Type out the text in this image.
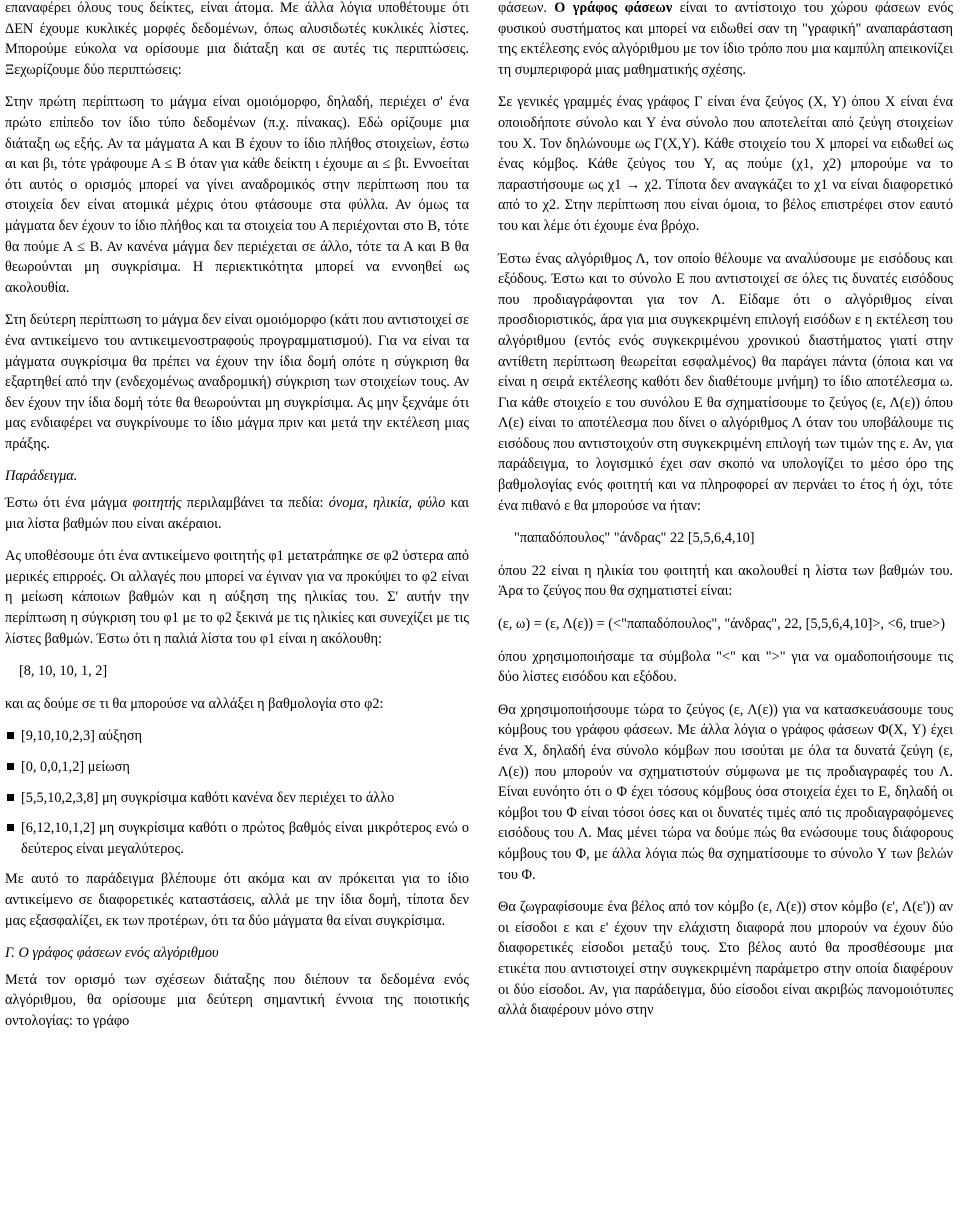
επαναφέρει όλους τους δείκτες, είναι άτομα. Με άλλα λόγια υποθέτουμε ότι ΔΕΝ έχουμε κυκλικές μορφές δεδομένων, όπως αλυσιδωτές κυκλικές λίστες. Μπορούμε εύκολα να ορίσουμε μια διάταξη και σε αυτές τις περιπτώσεις. Ξεχωρίζουμε δύο περιπτώσεις:

Στην πρώτη περίπτωση το μάγμα είναι ομοιόμορφο, δηλαδή, περιέχει σ' ένα πρώτο επίπεδο τον ίδιο τύπο δεδομένων (π.χ. πίνακας). Εδώ ορίζουμε μια διάταξη ως εξής. Αν τα μάγματα Α και Β έχουν το ίδιο πλήθος στοιχείων, έστω αι και βι, τότε γράφουμε Α ≤ Β όταν για κάθε δείκτη ι έχουμε αι ≤ βι. Εννοείται ότι αυτός ο ορισμός μπορεί να γίνει αναδρομικός στην περίπτωση που τα στοιχεία δεν είναι ατομικά μέχρις ότου φτάσουμε στα φύλλα. Αν όμως τα μάγματα δεν έχουν το ίδιο πλήθος και τα στοιχεία του Α περιέχονται στο Β, τότε θα πούμε Α ≤ Β. Αν κανένα μάγμα δεν περιέχεται σε άλλο, τότε τα Α και Β θα θεωρούνται μη συγκρίσιμα. Η περιεκτικότητα μπορεί να εννοηθεί ως ακολουθία.

Στη δεύτερη περίπτωση το μάγμα δεν είναι ομοιόμορφο (κάτι που αντιστοιχεί σε ένα αντικείμενο του αντικειμενοστραφούς προγραμματισμού). Για να είναι τα μάγματα συγκρίσιμα θα πρέπει να έχουν την ίδια δομή οπότε η σύγκριση θα εξαρτηθεί από την (ενδεχομένως αναδρομική) σύγκριση των στοιχείων τους. Αν δεν έχουν την ίδια δομή τότε θα θεωρούνται μη συγκρίσιμα. Ας μην ξεχνάμε ότι μας ενδιαφέρει να συγκρίνουμε το ίδιο μάγμα πριν και μετά την εκτέλεση μιας πράξης.

Παράδειγμα.

Έστω ότι ένα μάγμα φοιτητής περιλαμβάνει τα πεδία: όνομα, ηλικία, φύλο και μια λίστα βαθμών που είναι ακέραιοι.

Ας υποθέσουμε ότι ένα αντικείμενο φοιτητής φ1 μετατράπηκε σε φ2 ύστερα από μερικές επιρροές. Οι αλλαγές που μπορεί να έγιναν για να προκύψει το φ2 είναι η μείωση κάποιων βαθμών και η αύξηση της ηλικίας του. Σ' αυτήν την περίπτωση η σύγκριση του φ1 με το φ2 ξεκινά με τις ηλικίες και συνεχίζει με τις λίστες βαθμών. Έστω ότι η παλιά λίστα του φ1 είναι η ακόλουθη:

[8, 10, 10, 1, 2]

και ας δούμε σε τι θα μπορούσε να αλλάξει η βαθμολογία στο φ2:

[9,10,10,2,3] αύξηση
[0, 0,0,1,2] μείωση
[5,5,10,2,3,8] μη συγκρίσιμα καθότι κανένα δεν περιέχει το άλλο
[6,12,10,1,2] μη συγκρίσιμα καθότι ο πρώτος βαθμός είναι μικρότερος ενώ ο δεύτερος είναι μεγαλύτερος.

Με αυτό το παράδειγμα βλέπουμε ότι ακόμα και αν πρόκειται για το ίδιο αντικείμενο σε διαφορετικές καταστάσεις, αλλά με την ίδια δομή, τίποτα δεν μας εξασφαλίζει, εκ των προτέρων, ότι τα δύο μάγματα θα είναι συγκρίσιμα.

Γ. Ο γράφος φάσεων ενός αλγόριθμου

Μετά τον ορισμό των σχέσεων διάταξης που διέπουν τα δεδομένα ενός αλγόριθμου, θα ορίσουμε μια δεύτερη σημαντική έννοια της ποιοτικής οντολογίας: το γράφο

φάσεων. Ο γράφος φάσεων είναι το αντίστοιχο του χώρου φάσεων ενός φυσικού συστήματος και μπορεί να ειδωθεί σαν τη "γραφική" αναπαράσταση της εκτέλεσης ενός αλγόριθμου με τον ίδιο τρόπο που μια καμπύλη απεικονίζει τη συμπεριφορά μιας μαθηματικής σχέσης.

Σε γενικές γραμμές ένας γράφος Γ είναι ένα ζεύγος (Χ, Υ) όπου Χ είναι ένα οποιοδήποτε σύνολο και Υ ένα σύνολο που αποτελείται από ζεύγη στοιχείων του Χ. Τον δηλώνουμε ως Γ(Χ,Υ). Κάθε στοιχείο του Χ μπορεί να ειδωθεί ως ένας κόμβος. Κάθε ζεύγος του Υ, ας πούμε (χ1, χ2) μπορούμε να το παραστήσουμε ως χ1 → χ2. Τίποτα δεν αναγκάζει το χ1 να είναι διαφορετικό από το χ2. Στην περίπτωση που είναι όμοια, το βέλος επιστρέφει στον εαυτό του και λέμε ότι έχουμε ένα βρόχο.

Έστω ένας αλγόριθμος Λ, τον οποίο θέλουμε να αναλύσουμε με εισόδους και εξόδους. Έστω και το σύνολο Ε που αντιστοιχεί σε όλες τις δυνατές εισόδους που προδιαγράφονται για τον Λ. Είδαμε ότι ο αλγόριθμος είναι προσδιοριστικός, άρα για μια συγκεκριμένη επιλογή εισόδων ε η εκτέλεση του αλγόριθμου (εντός ενός συγκεκριμένου χρονικού διαστήματος γιατί στην αντίθετη περίπτωση θεωρείται εσφαλμένος) θα παράγει πάντα (όποια και να είναι η σειρά εκτέλεσης καθότι δεν διαθέτουμε μνήμη) το ίδιο αποτέλεσμα ω. Για κάθε στοιχείο ε του συνόλου Ε θα σχηματίσουμε το ζεύγος (ε, Λ(ε)) όπου Λ(ε) είναι το αποτέλεσμα που δίνει ο αλγόριθμος Λ όταν του υποβάλουμε τις εισόδους που αντιστοιχούν στη συγκεκριμένη επιλογή των τιμών της ε. Αν, για παράδειγμα, το λογισμικό έχει σαν σκοπό να υπολογίζει το μέσο όρο της βαθμολογίας ενός φοιτητή και να πληροφορεί αν περνάει το έτος ή όχι, τότε ένα πιθανό ε θα μπορούσε να ήταν:

"παπαδόπουλος" "άνδρας" 22 [5,5,6,4,10]

όπου 22 είναι η ηλικία του φοιτητή και ακολουθεί η λίστα των βαθμών του. Άρα το ζεύγος που θα σχηματιστεί είναι:

(ε, ω) = (ε, Λ(ε)) = (<"παπαδόπουλος", "άνδρας", 22, [5,5,6,4,10]>, <6, true>)

όπου χρησιμοποιήσαμε τα σύμβολα "<" και ">" για να ομαδοποιήσουμε τις δύο λίστες εισόδου και εξόδου.

Θα χρησιμοποιήσουμε τώρα το ζεύγος (ε, Λ(ε)) για να κατασκευάσουμε τους κόμβους του γράφου φάσεων. Με άλλα λόγια ο γράφος φάσεων Φ(Χ, Υ) έχει ένα Χ, δηλαδή ένα σύνολο κόμβων που ισούται με όλα τα δυνατά ζεύγη (ε, Λ(ε)) που μπορούν να σχηματιστούν σύμφωνα με τις προδιαγραφές του Λ. Είναι ευνόητο ότι ο Φ έχει τόσους κόμβους όσα στοιχεία έχει το Ε, δηλαδή οι κόμβοι του Φ είναι τόσοι όσες και οι δυνατές τιμές από τις προδιαγραφόμενες εισόδους του Λ. Μας μένει τώρα να δούμε πώς θα ενώσουμε τους διάφορους κόμβους του Φ, με άλλα λόγια πώς θα σχηματίσουμε το σύνολο Υ των βελών του Φ.

Θα ζωγραφίσουμε ένα βέλος από τον κόμβο (ε, Λ(ε)) στον κόμβο (ε', Λ(ε')) αν οι είσοδοι ε και ε' έχουν την ελάχιστη διαφορά που μπορούν να έχουν δύο διαφορετικές είσοδοι μεταξύ τους. Στο βέλος αυτό θα προσθέσουμε μια ετικέτα που αντιστοιχεί στην συγκεκριμένη παράμετρο στην οποία διαφέρουν οι δύο είσοδοι. Αν, για παράδειγμα, δύο είσοδοι είναι ακριβώς πανομοιότυπες αλλά διαφέρουν μόνο στην
